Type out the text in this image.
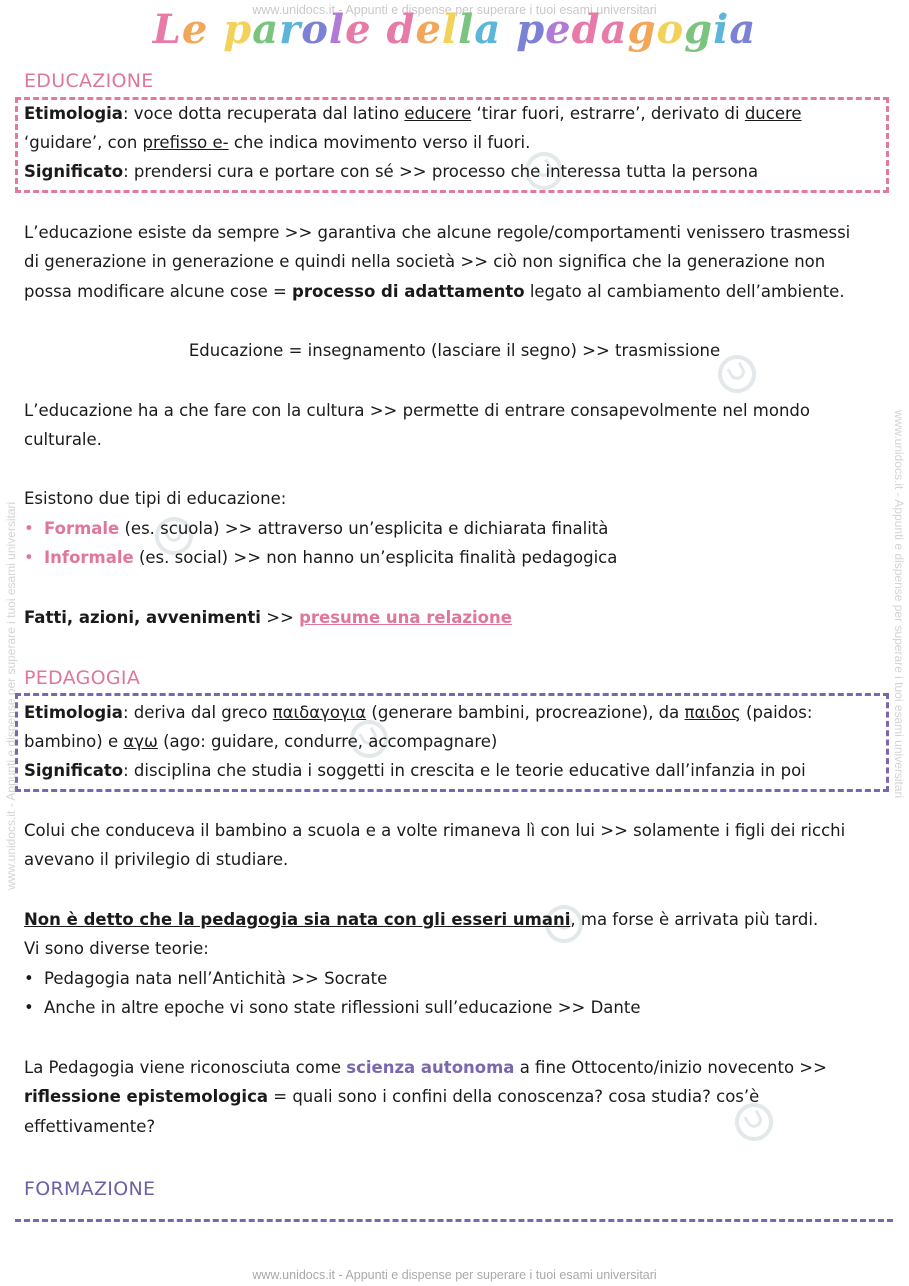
www.unidocs.it - Appunti e dispense per superare i tuoi esami universitari
www.unidocs.it - Appunti e dispense per superare i tuoi esami universitari	www.unidocs.it - Appunti e dispense per superare i tuoi esami universitari
Le parole della pedagogia
EDUCAZIONE
Etimologia: voce dotta recuperata dal latino educere ‘tirar fuori, estrarre’, derivato di ducere
‘guidare’, con prefisso e- che indica movimento verso il fuori.
Significato: prendersi cura e portare con sé >> processo che interessa tutta la persona
L’educazione esiste da sempre >> garantiva che alcune regole/comportamenti venissero trasmessi
di generazione in generazione e quindi nella società >> ciò non significa che la generazione non
possa modificare alcune cose = processo di adattamento legato al cambiamento dell’ambiente.
Educazione = insegnamento (lasciare il segno) >> trasmissione
L’educazione ha a che fare con la cultura >> permette di entrare consapevolmente nel mondo
culturale.
Esistono due tipi di educazione:
• Formale (es. scuola) >> attraverso un’esplicita e dichiarata finalità
• Informale (es. social) >> non hanno un’esplicita finalità pedagogica
Fatti, azioni, avvenimenti >> presume una relazione
PEDAGOGIA
Etimologia: deriva dal greco παιδαγογια (generare bambini, procreazione), da παιδος (paidos:
bambino) e αγω (ago: guidare, condurre, accompagnare)
Significato: disciplina che studia i soggetti in crescita e le teorie educative dall’infanzia in poi
Colui che conduceva il bambino a scuola e a volte rimaneva lì con lui >> solamente i figli dei ricchi
avevano il privilegio di studiare.
Non è detto che la pedagogia sia nata con gli esseri umani, ma forse è arrivata più tardi.
Vi sono diverse teorie:
• Pedagogia nata nell’Antichità >> Socrate
• Anche in altre epoche vi sono state riflessioni sull’educazione >> Dante
La Pedagogia viene riconosciuta come scienza autonoma a fine Ottocento/inizio novecento >>
riflessione epistemologica = quali sono i confini della conoscenza? cosa studia? cos’è
effettivamente?
FORMAZIONE
www.unidocs.it - Appunti e dispense per superare i tuoi esami universitari
